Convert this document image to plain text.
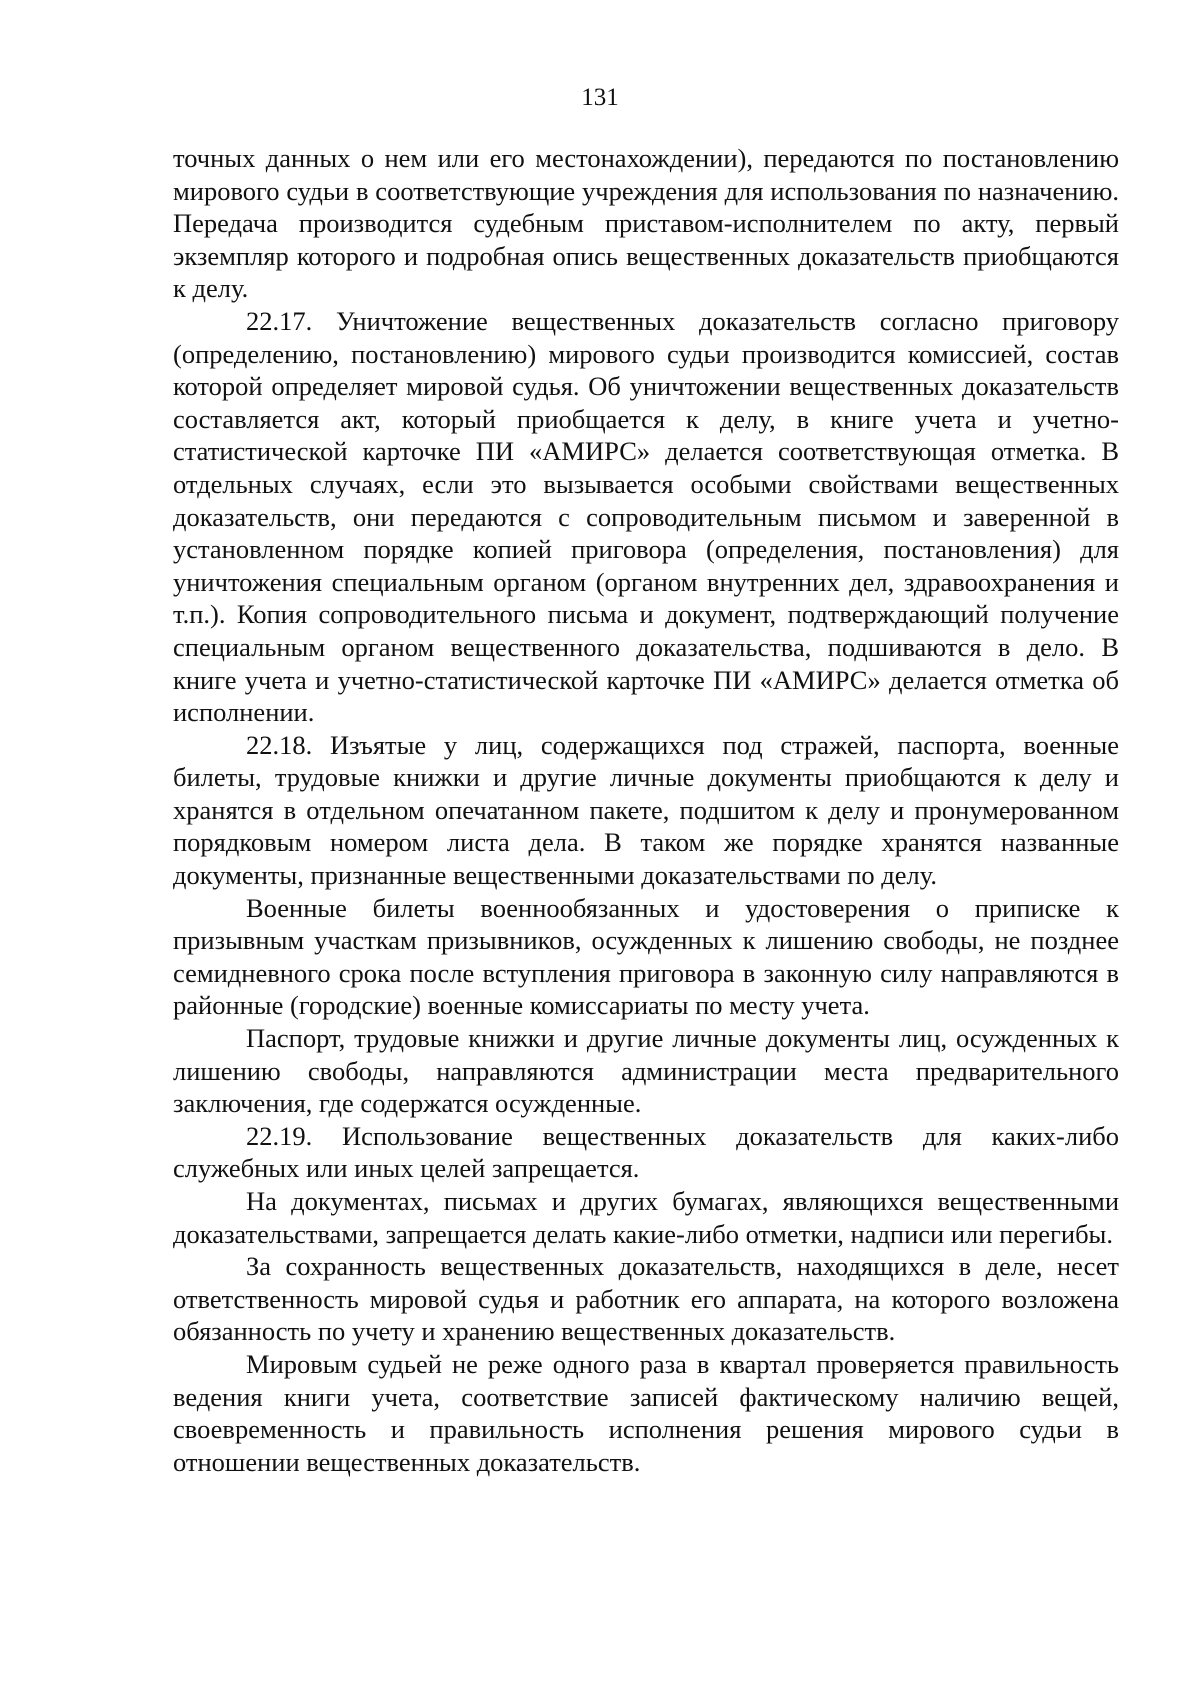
131

точных данных о нем или его местонахождении), передаются по постановлению мирового судьи в соответствующие учреждения для использования по назначению. Передача производится судебным приставом-исполнителем по акту, первый экземпляр которого и подробная опись вещественных доказательств приобщаются к делу.

22.17. Уничтожение вещественных доказательств согласно приговору (определению, постановлению) мирового судьи производится комиссией, состав которой определяет мировой судья. Об уничтожении вещественных доказательств составляется акт, который приобщается к делу, в книге учета и учетно-статистической карточке ПИ «АМИРС» делается соответствующая отметка. В отдельных случаях, если это вызывается особыми свойствами вещественных доказательств, они передаются с сопроводительным письмом и заверенной в установленном порядке копией приговора (определения, постановления) для уничтожения специальным органом (органом внутренних дел, здравоохранения и т.п.). Копия сопроводительного письма и документ, подтверждающий получение специальным органом вещественного доказательства, подшиваются в дело. В книге учета и учетно-статистической карточке ПИ «АМИРС» делается отметка об исполнении.

22.18. Изъятые у лиц, содержащихся под стражей, паспорта, военные билеты, трудовые книжки и другие личные документы приобщаются к делу и хранятся в отдельном опечатанном пакете, подшитом к делу и пронумерованном порядковым номером листа дела. В таком же порядке хранятся названные документы, признанные вещественными доказательствами по делу.

Военные билеты военнообязанных и удостоверения о приписке к призывным участкам призывников, осужденных к лишению свободы, не позднее семидневного срока после вступления приговора в законную силу направляются в районные (городские) военные комиссариаты по месту учета.

Паспорт, трудовые книжки и другие личные документы лиц, осужденных к лишению свободы, направляются администрации места предварительного заключения, где содержатся осужденные.

22.19. Использование вещественных доказательств для каких-либо служебных или иных целей запрещается.

На документах, письмах и других бумагах, являющихся вещественными доказательствами, запрещается делать какие-либо отметки, надписи или перегибы.

За сохранность вещественных доказательств, находящихся в деле, несет ответственность мировой судья и работник его аппарата, на которого возложена обязанность по учету и хранению вещественных доказательств.

Мировым судьей не реже одного раза в квартал проверяется правильность ведения книги учета, соответствие записей фактическому наличию вещей, своевременность и правильность исполнения решения мирового судьи в отношении вещественных доказательств.
